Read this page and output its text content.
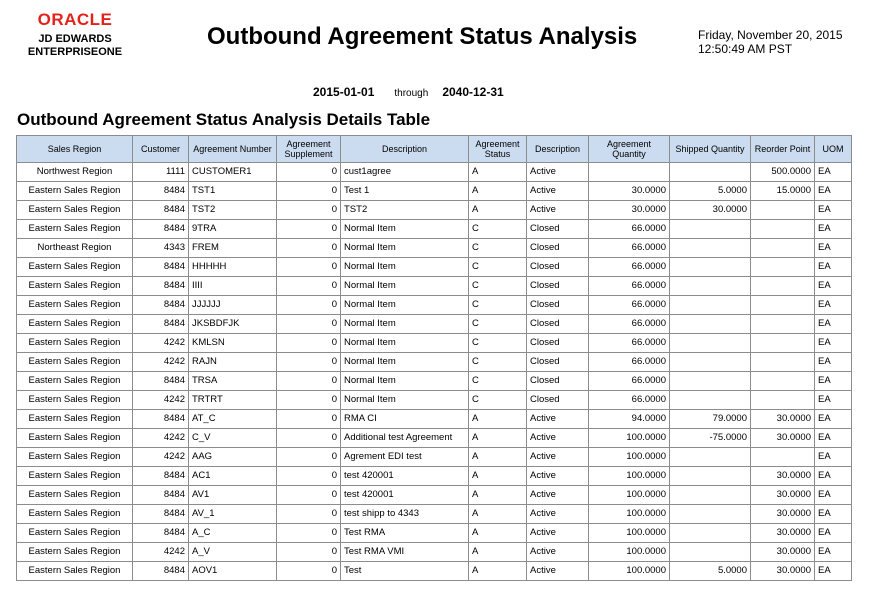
ORACLE
JD EDWARDS
ENTERPRISEONE
Outbound Agreement Status Analysis	Friday, November 20, 2015
12:50:49 AM PST
2015-01-01 through 2040-12-31
Outbound Agreement Status Analysis Details Table
Sales Region	Customer	Agreement Number	Agreement Supplement	Description	Agreement Status	Description	Agreement Quantity	Shipped Quantity	Reorder Point	UOM
Northwest Region	1111	CUSTOMER1	0	cust1agree	A	Active			500.0000	EA
Eastern Sales Region	8484	TST1	0	Test 1	A	Active	30.0000	5.0000	15.0000	EA
Eastern Sales Region	8484	TST2	0	TST2	A	Active	30.0000	30.0000		EA
Eastern Sales Region	8484	9TRA	0	Normal Item	C	Closed	66.0000			EA
Northeast Region	4343	FREM	0	Normal Item	C	Closed	66.0000			EA
Eastern Sales Region	8484	HHHHH	0	Normal Item	C	Closed	66.0000			EA
Eastern Sales Region	8484	IIII	0	Normal Item	C	Closed	66.0000			EA
Eastern Sales Region	8484	JJJJJJ	0	Normal Item	C	Closed	66.0000			EA
Eastern Sales Region	8484	JKSBDFJK	0	Normal Item	C	Closed	66.0000			EA
Eastern Sales Region	4242	KMLSN	0	Normal Item	C	Closed	66.0000			EA
Eastern Sales Region	4242	RAJN	0	Normal Item	C	Closed	66.0000			EA
Eastern Sales Region	8484	TRSA	0	Normal Item	C	Closed	66.0000			EA
Eastern Sales Region	4242	TRTRT	0	Normal Item	C	Closed	66.0000			EA
Eastern Sales Region	8484	AT_C	0	RMA CI	A	Active	94.0000	79.0000	30.0000	EA
Eastern Sales Region	4242	C_V	0	Additional test Agreement	A	Active	100.0000	-75.0000	30.0000	EA
Eastern Sales Region	4242	AAG	0	Agrement EDI test	A	Active	100.0000			EA
Eastern Sales Region	8484	AC1	0	test 420001	A	Active	100.0000		30.0000	EA
Eastern Sales Region	8484	AV1	0	test 420001	A	Active	100.0000		30.0000	EA
Eastern Sales Region	8484	AV_1	0	test shipp to 4343	A	Active	100.0000		30.0000	EA
Eastern Sales Region	8484	A_C	0	Test RMA	A	Active	100.0000		30.0000	EA
Eastern Sales Region	4242	A_V	0	Test RMA VMI	A	Active	100.0000		30.0000	EA
Eastern Sales Region	8484	AOV1	0	Test	A	Active	100.0000	5.0000	30.0000	EA
